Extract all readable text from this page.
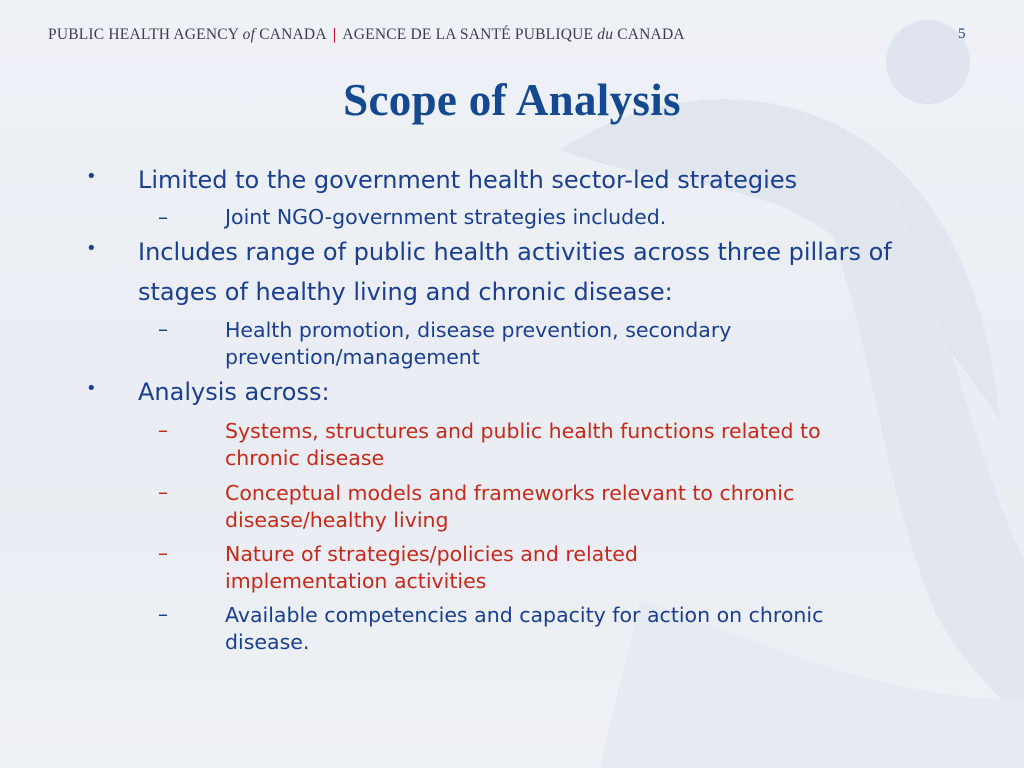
PUBLIC HEALTH AGENCY of CANADA | AGENCE DE LA SANTÉ PUBLIQUE du CANADA	5
Scope of Analysis
• Limited to the government health sector-led strategies
–	Joint NGO-government strategies included.
• Includes range of public health activities across three pillars of stages of healthy living and chronic disease:
–	Health promotion, disease prevention, secondary prevention/management
• Analysis across:
–	Systems, structures and public health functions related to chronic disease
–	Conceptual models and frameworks relevant to chronic disease/healthy living
–	Nature of strategies/policies and related implementation activities
–	Available competencies and capacity for action on chronic disease.
